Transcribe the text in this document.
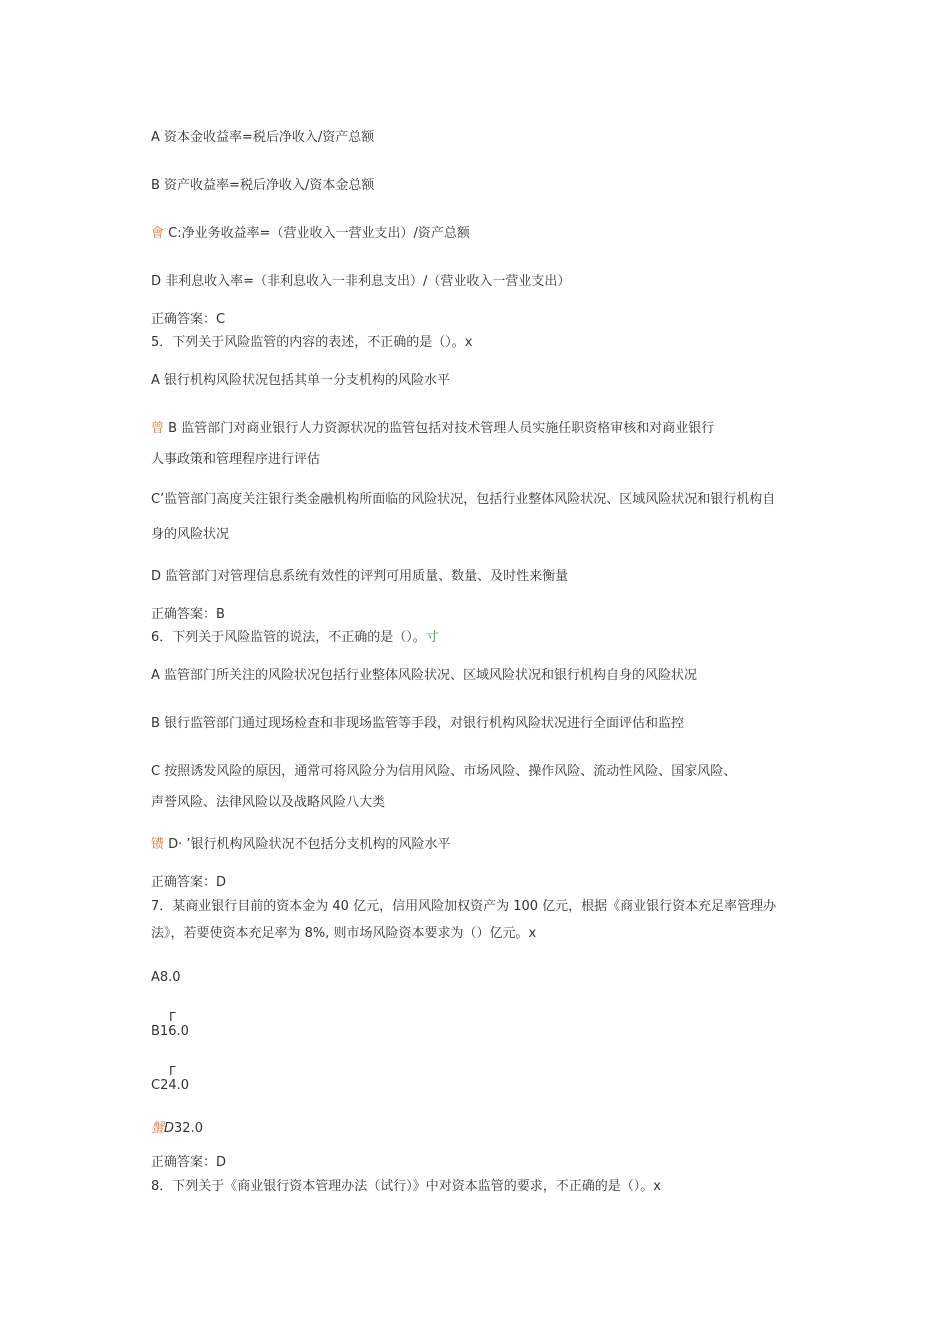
A 资本金收益率=税后净收入/资产总额
B 资产收益率=税后净收入/资本金总额
會 C:净业务收益率=（营业收入一营业支出）/资产总额
D 非利息收入率=（非利息收入一非利息支出）/（营业收入一营业支出）
正确答案：C
5．下列关于风险监管的内容的表述，不正确的是（）。x
A 银行机构风险状况包括其单一分支机构的风险水平
曾 B 监管部门对商业银行人力资源状况的监管包括对技术管理人员实施任职资格审核和对商业银行
人事政策和管理程序进行评估
C’监管部门高度关注银行类金融机构所面临的风险状况，包括行业整体风险状况、区域风险状况和银行机构自
身的风险状况
D 监管部门对管理信息系统有效性的评判可用质量、数量、及时性来衡量
正确答案：B
6．下列关于风险监管的说法，不正确的是（）。寸
A 监管部门所关注的风险状况包括行业整体风险状况、区域风险状况和银行机构自身的风险状况
B 银行监管部门通过现场检查和非现场监管等手段，对银行机构风险状况进行全面评估和监控
C 按照诱发风险的原因，通常可将风险分为信用风险、市场风险、操作风险、流动性风险、国家风险、
声誉风险、法律风险以及战略风险八大类
镄 D· ’银行机构风险状况不包括分支机构的风险水平
正确答案：D
7．某商业银行目前的资本金为 40 亿元，信用风险加权资产为 100 亿元，根据《商业银行资本充足率管理办
法》，若要使资本充足率为 8%, 则市场风险资本要求为（）亿元。x
A8.0
Γ
B16.0
Γ
C24.0
蟹D32.0
正确答案：D
8．下列关于《商业银行资本管理办法（试行）》中对资本监管的要求，不正确的是（）。x
